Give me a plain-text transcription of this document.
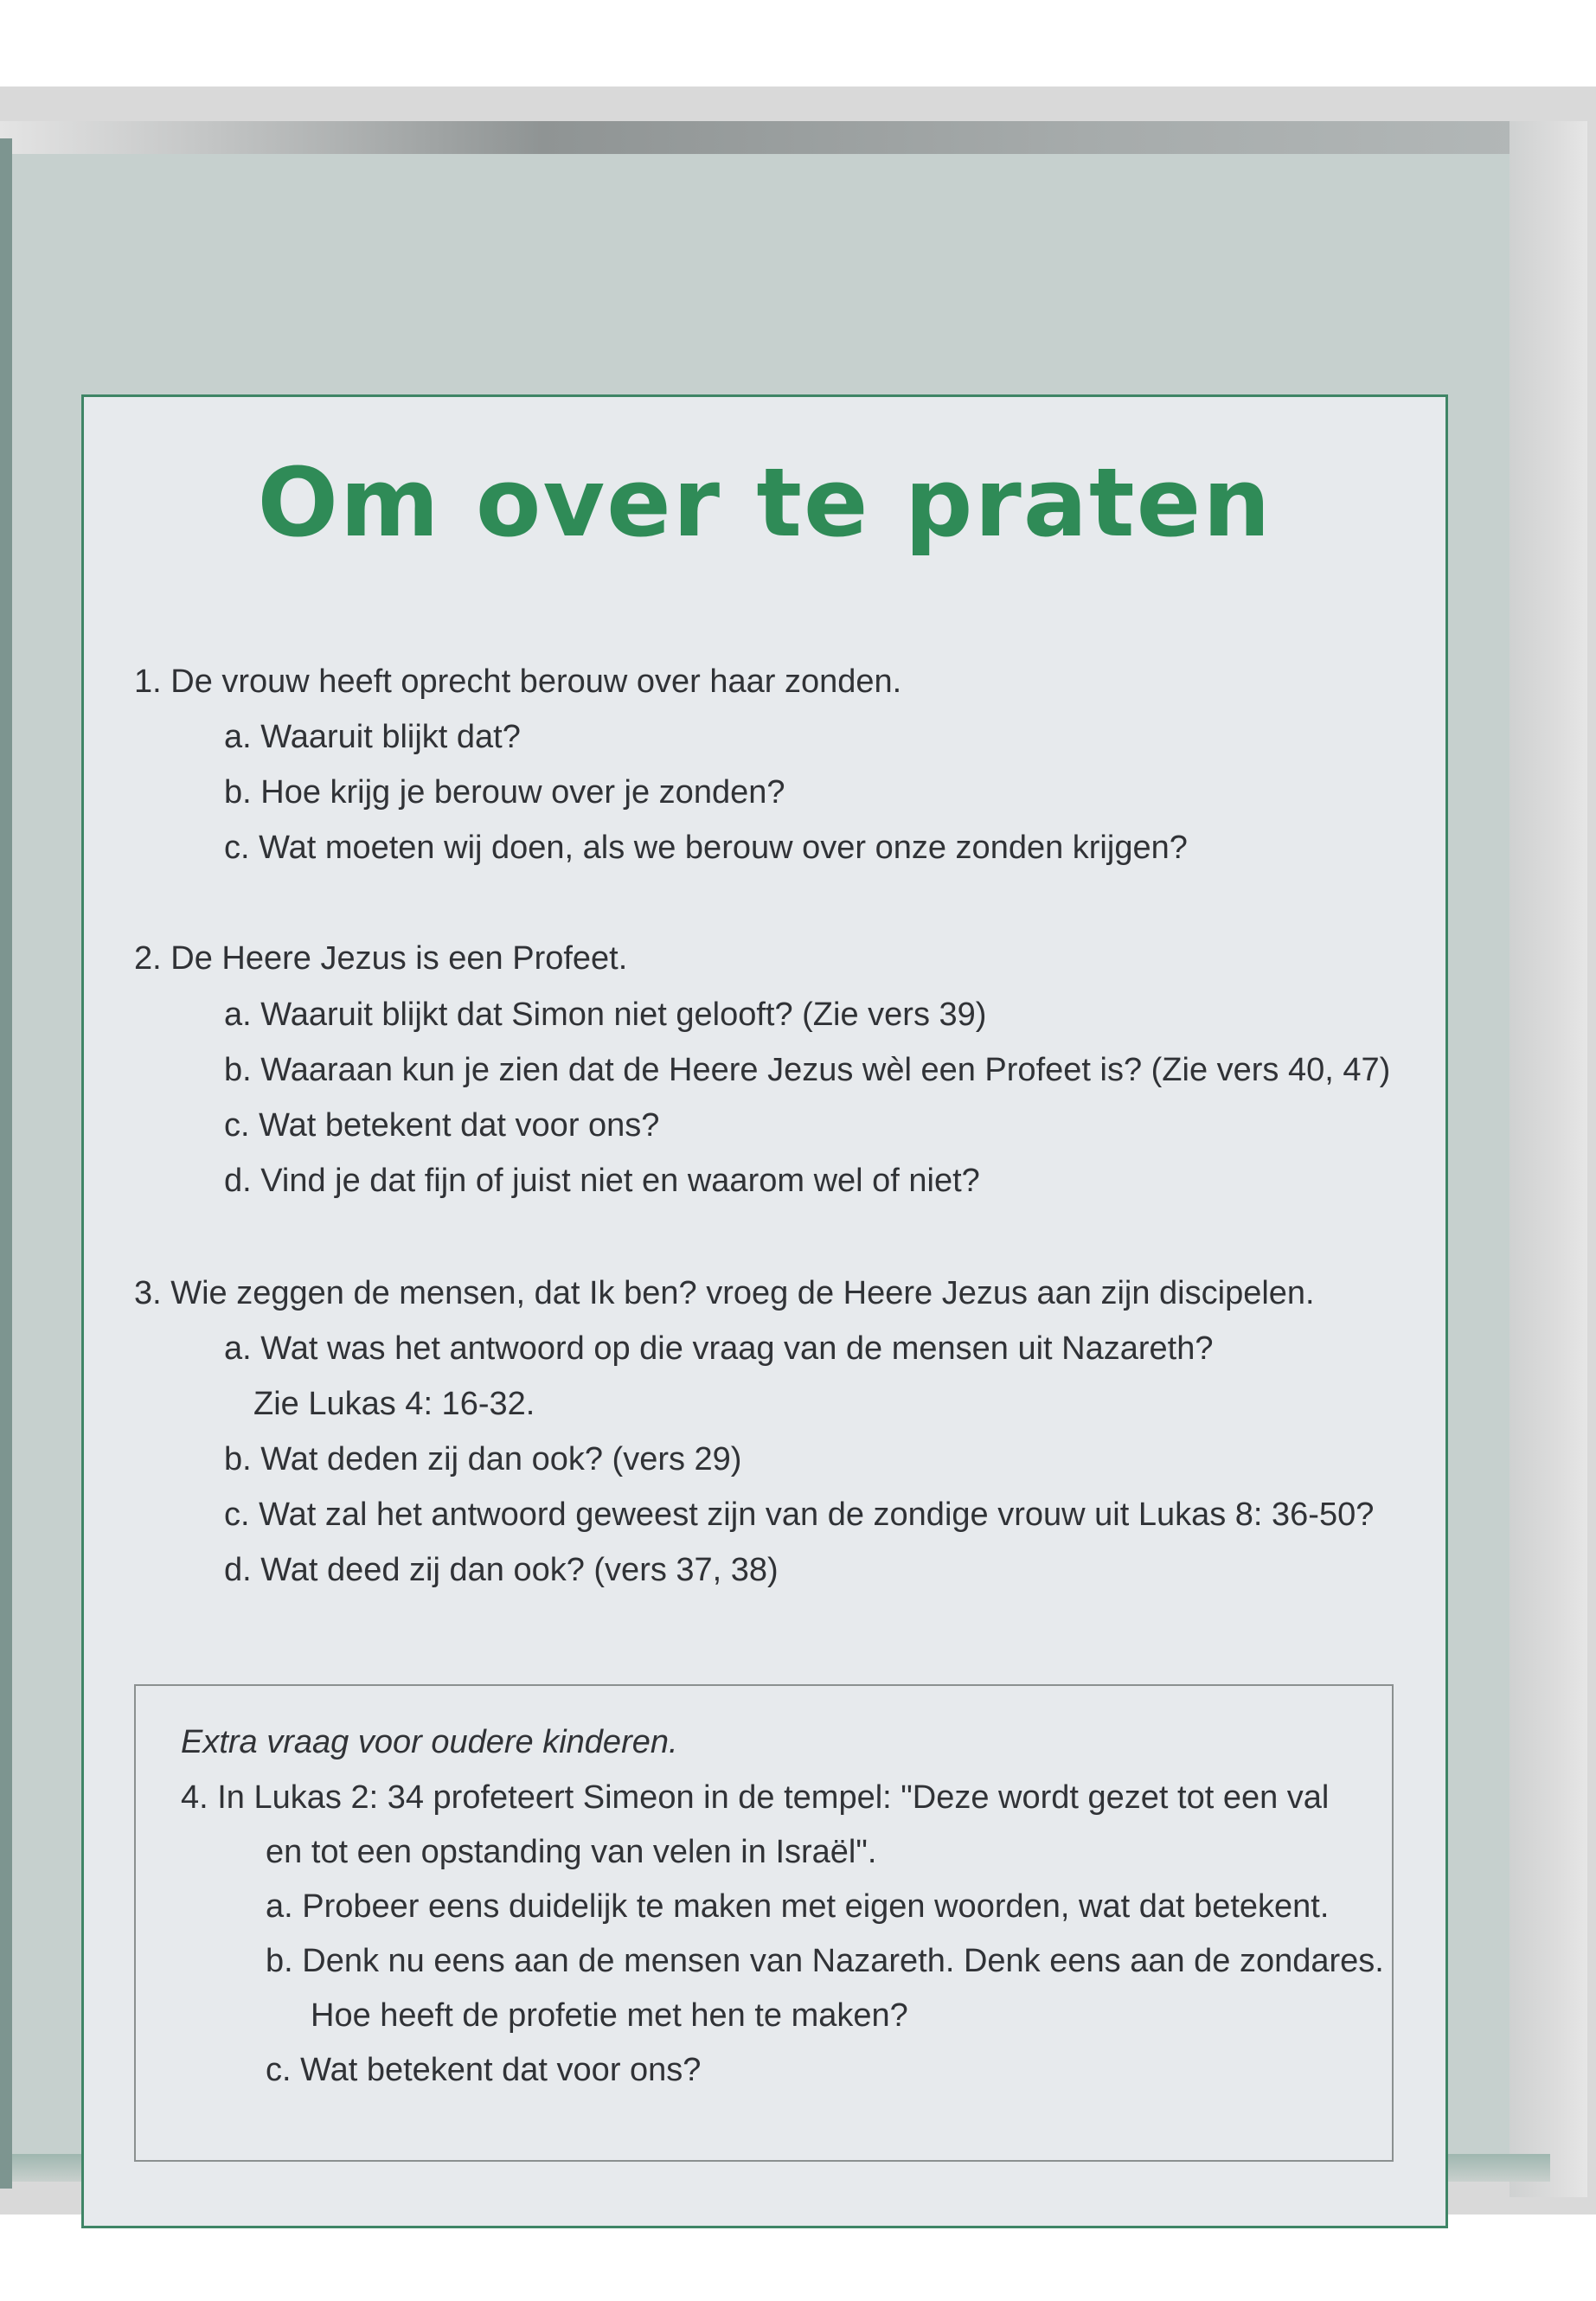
Om over te praten
1. De vrouw heeft oprecht berouw over haar zonden.
a. Waaruit blijkt dat?
b. Hoe krijg je berouw over je zonden?
c. Wat moeten wij doen, als we berouw over onze zonden krijgen?
2. De Heere Jezus is een Profeet.
a. Waaruit blijkt dat Simon niet gelooft? (Zie vers 39)
b. Waaraan kun je zien dat de Heere Jezus wèl een Profeet is? (Zie vers 40, 47)
c. Wat betekent dat voor ons?
d. Vind je dat fijn of juist niet en waarom wel of niet?
3. Wie zeggen de mensen, dat Ik ben? vroeg de Heere Jezus aan zijn discipelen.
a. Wat was het antwoord op die vraag van de mensen uit Nazareth?
Zie Lukas 4: 16-32.
b. Wat deden zij dan ook? (vers 29)
c. Wat zal het antwoord geweest zijn van de zondige vrouw uit Lukas 8: 36-50?
d. Wat deed zij dan ook? (vers 37, 38)
Extra vraag voor oudere kinderen.
4. In Lukas 2: 34 profeteert Simeon in de tempel: "Deze wordt gezet tot een val
en tot een opstanding van velen in Israël".
a. Probeer eens duidelijk te maken met eigen woorden, wat dat betekent.
b. Denk nu eens aan de mensen van Nazareth. Denk eens aan de zondares.
Hoe heeft de profetie met hen te maken?
c. Wat betekent dat voor ons?
